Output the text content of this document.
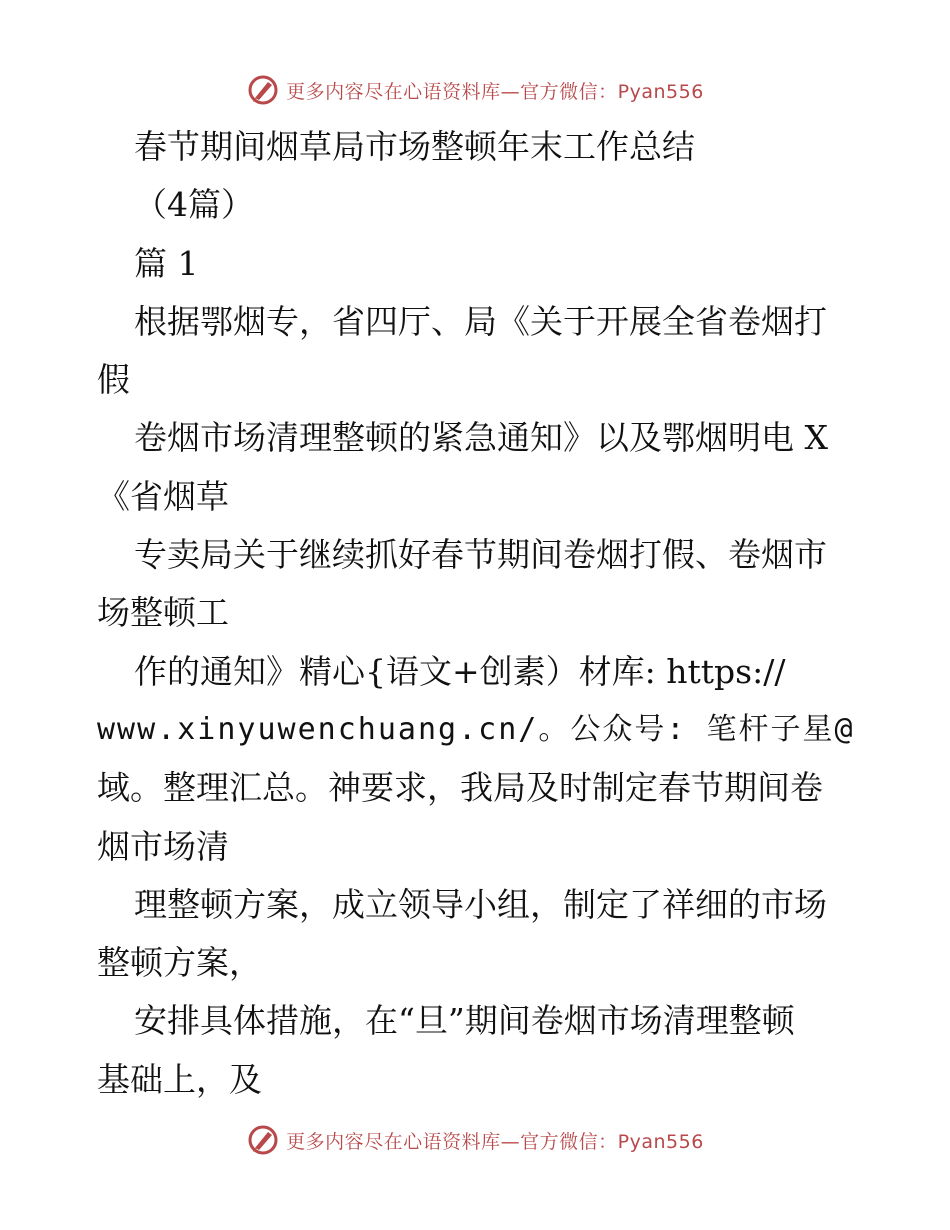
更多内容尽在心语资料库—官方微信：Pyan556
春节期间烟草局市场整顿年末工作总结
（4篇）
篇 1
根据鄂烟专，省四厅、局《关于开展全省卷烟打
假
卷烟市场清理整顿的紧急通知》以及鄂烟明电 X
《省烟草
专卖局关于继续抓好春节期间卷烟打假、卷烟市
场整顿工
作的通知》精心{语文+创素）材库: https://
www.xinyuwenchuang.cn/。公众号: 笔杆子星@
域。整理汇总。神要求，我局及时制定春节期间卷
烟市场清
理整顿方案，成立领导小组，制定了祥细的市场
整顿方案，
安排具体措施，在“旦”期间卷烟市场清理整顿
基础上，及
更多内容尽在心语资料库—官方微信：Pyan556
